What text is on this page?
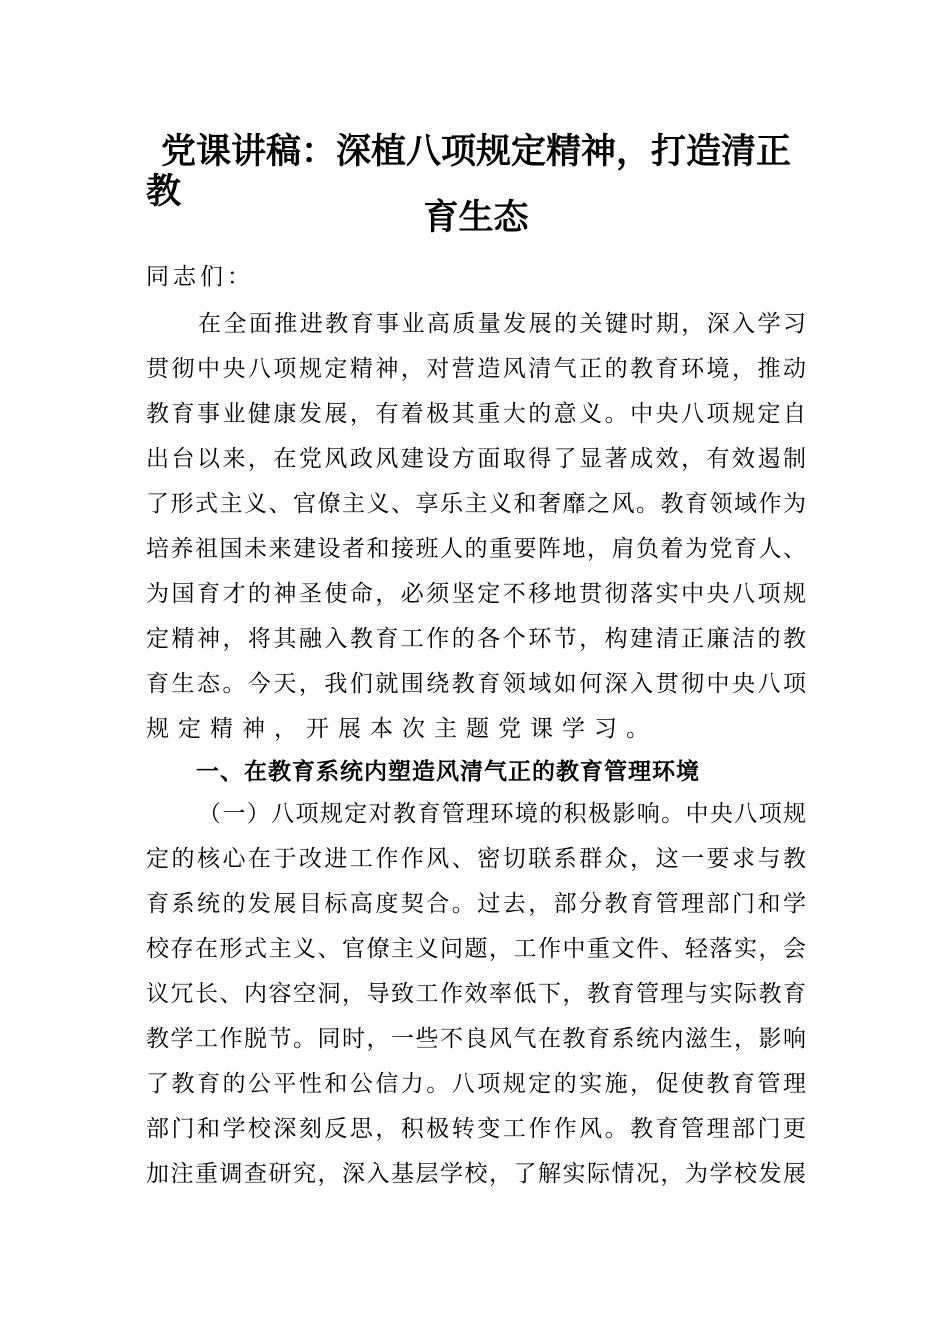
党课讲稿：深植八项规定精神，打造清正教
育生态
同志们：
在全面推进教育事业高质量发展的关键时期，深入学习
贯彻中央八项规定精神，对营造风清气正的教育环境，推动
教育事业健康发展，有着极其重大的意义。中央八项规定自
出台以来，在党风政风建设方面取得了显著成效，有效遏制
了形式主义、官僚主义、享乐主义和奢靡之风。教育领域作为
培养祖国未来建设者和接班人的重要阵地，肩负着为党育人、
为国育才的神圣使命，必须坚定不移地贯彻落实中央八项规
定精神，将其融入教育工作的各个环节，构建清正廉洁的教
育生态。今天，我们就围绕教育领域如何深入贯彻中央八项
规定精神，开展本次主题党课学习。
一、在教育系统内塑造风清气正的教育管理环境
（一）八项规定对教育管理环境的积极影响。中央八项规
定的核心在于改进工作作风、密切联系群众，这一要求与教
育系统的发展目标高度契合。过去，部分教育管理部门和学
校存在形式主义、官僚主义问题，工作中重文件、轻落实，会
议冗长、内容空洞，导致工作效率低下，教育管理与实际教育
教学工作脱节。同时，一些不良风气在教育系统内滋生，影响
了教育的公平性和公信力。八项规定的实施，促使教育管理
部门和学校深刻反思，积极转变工作作风。教育管理部门更
加注重调查研究，深入基层学校，了解实际情况，为学校发展
